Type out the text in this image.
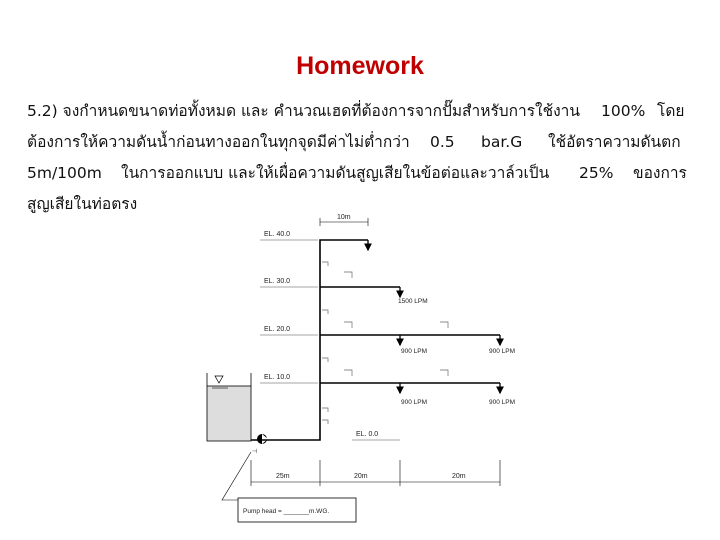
Homework
5.2) จงกำหนดขนาดท่อทั้งหมด และ คำนวณเฮดที่ต้องการจากปั๊มสำหรับการใช้งาน 100% โดย
ต้องการให้ความดันน้ำก่อนทางออกในทุกจุดมีค่าไม่ต่ำกว่า 0.5 bar.G ใช้อัตราความดันตก
5m/100m ในการออกแบบ และให้เผื่อความดันสูญเสียในข้อต่อและวาล์วเป็น 25% ของการ
สูญเสียในท่อตรง
EL. 40.0
EL. 30.0
EL. 20.0
EL. 10.0
EL. 0.0
10m
⊣
1500 LPM
900 LPM	900 LPM
900 LPM	900 LPM
25m	20m	20m
Pump head = _______m.WG.
